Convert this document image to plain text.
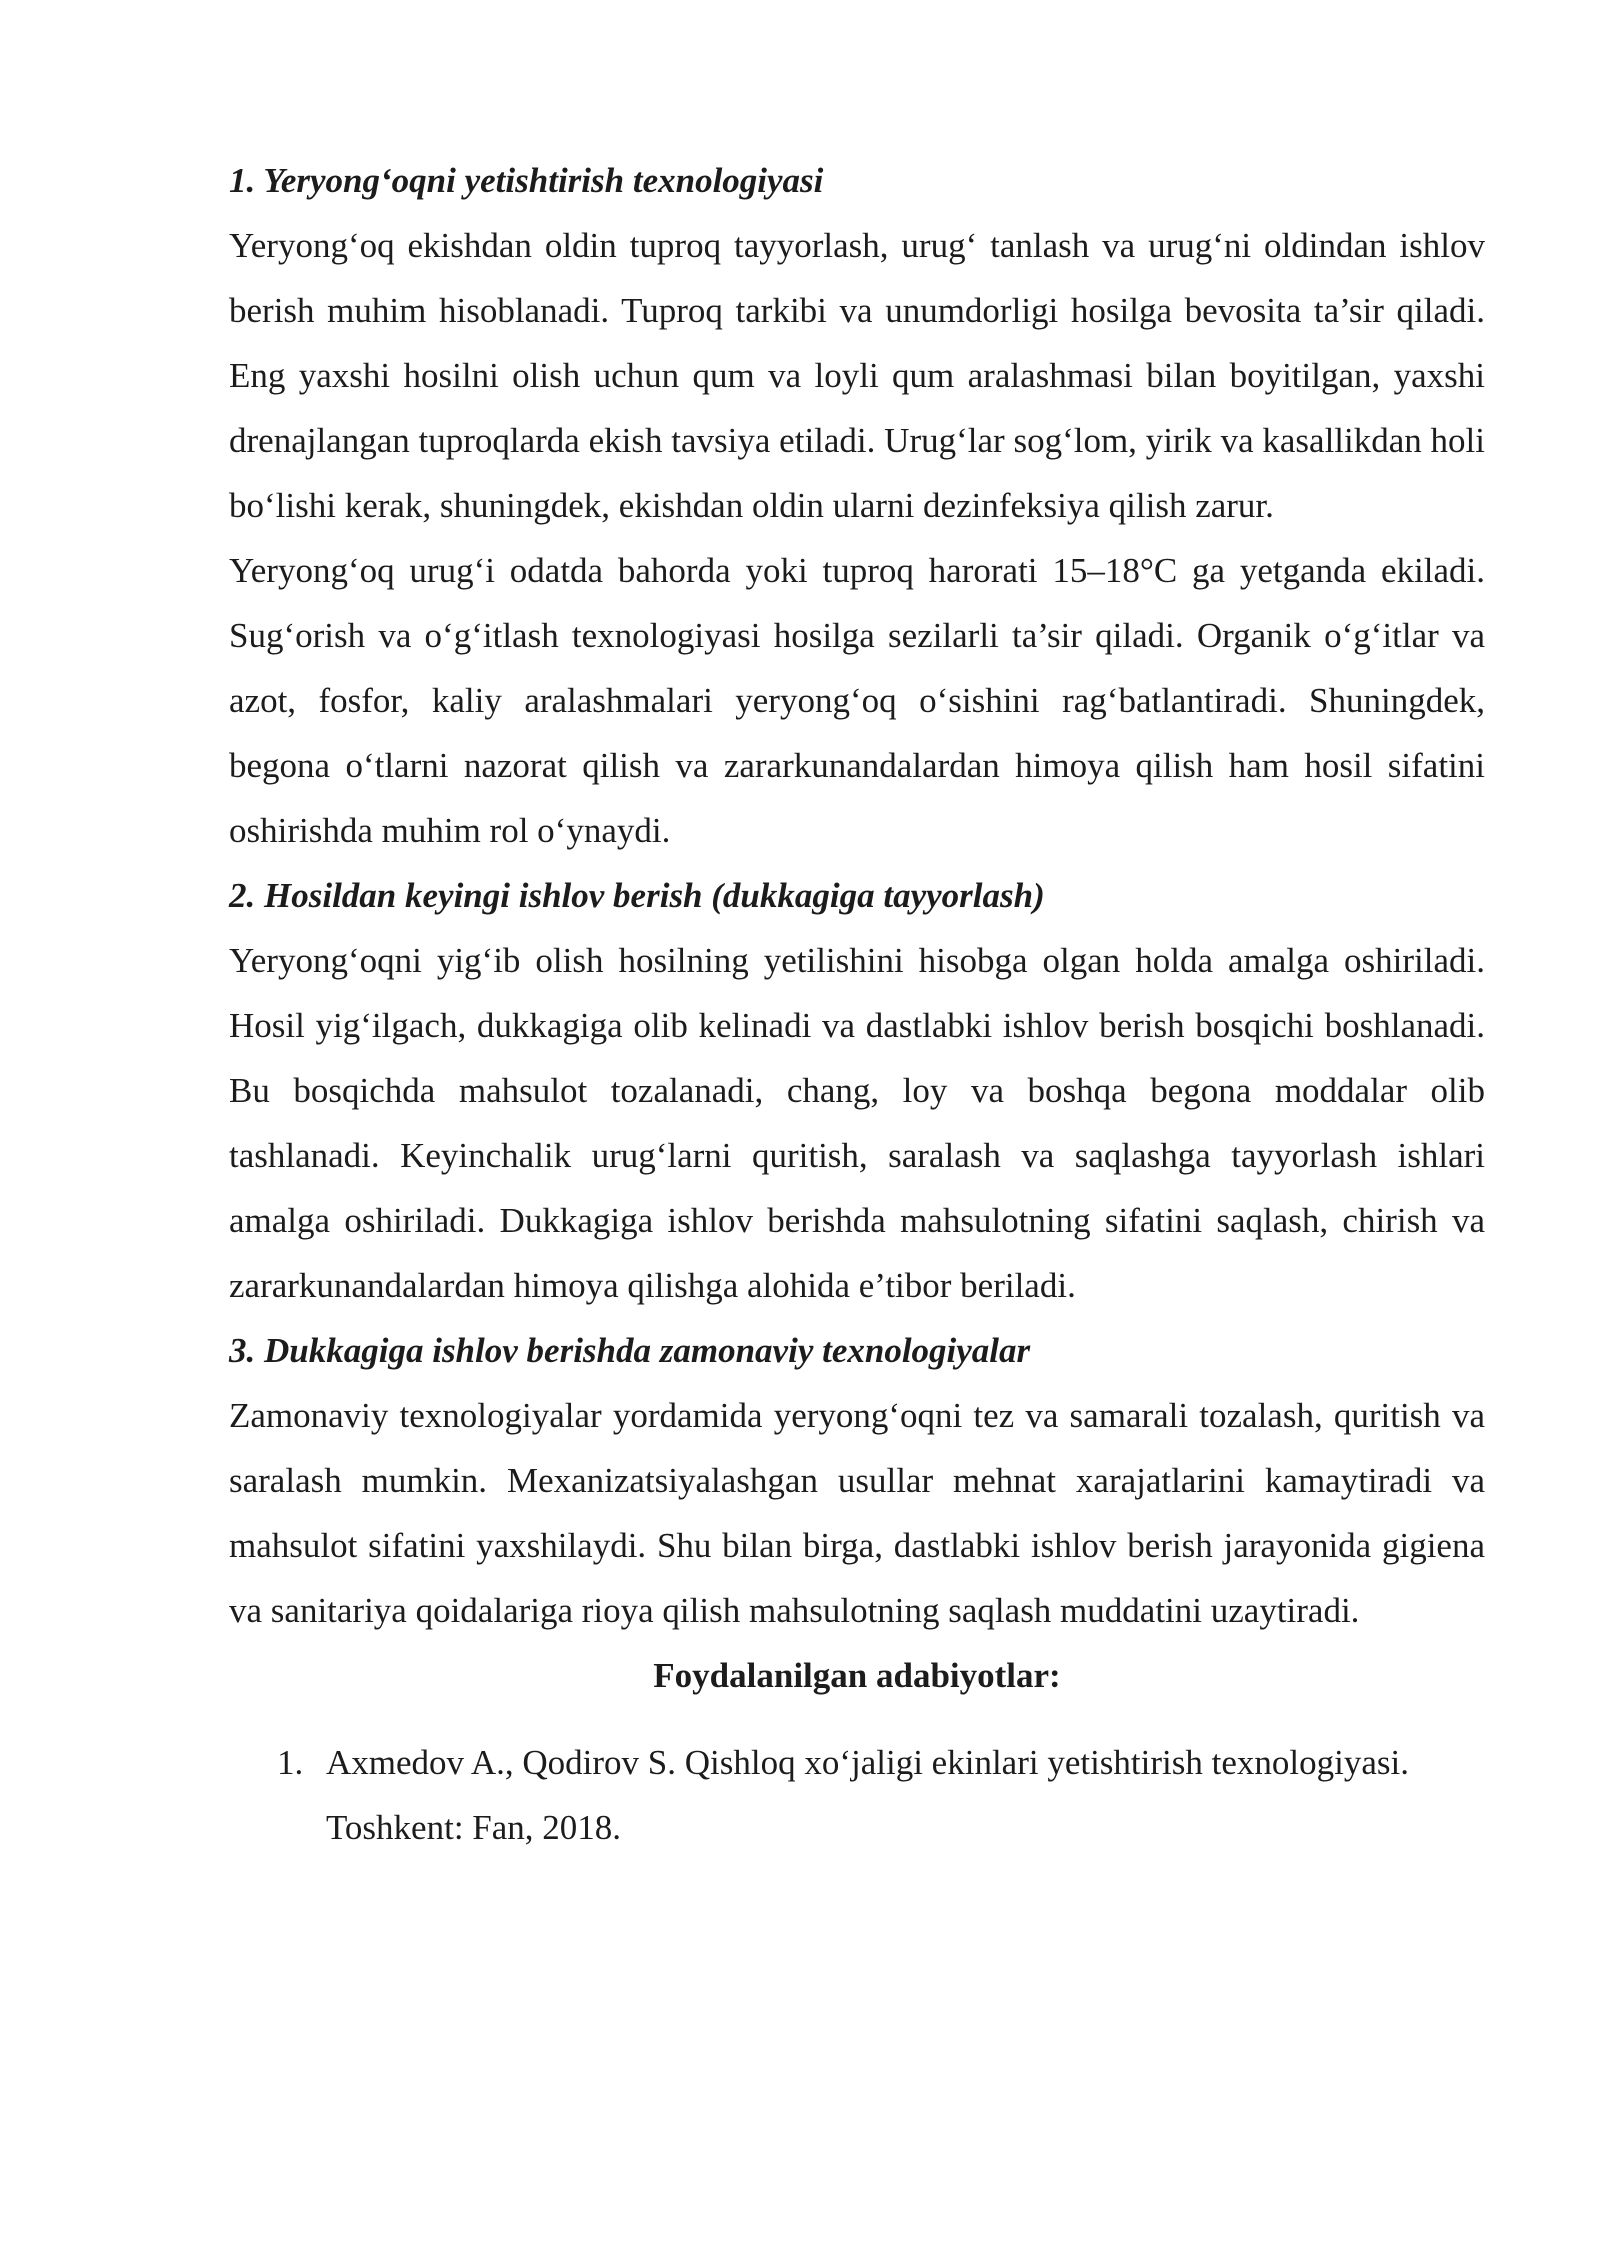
1. Yeryong‘oqni yetishtirish texnologiyasi

Yeryong‘oq ekishdan oldin tuproq tayyorlash, urug‘ tanlash va urug‘ni oldindan ishlov berish muhim hisoblanadi. Tuproq tarkibi va unumdorligi hosilga bevosita ta’sir qiladi. Eng yaxshi hosilni olish uchun qum va loyli qum aralashmasi bilan boyitilgan, yaxshi drenajlangan tuproqlarda ekish tavsiya etiladi. Urug‘lar sog‘lom, yirik va kasallikdan holi bo‘lishi kerak, shuningdek, ekishdan oldin ularni dezinfeksiya qilish zarur.

Yeryong‘oq urug‘i odatda bahorda yoki tuproq harorati 15–18°C ga yetganda ekiladi. Sug‘orish va o‘g‘itlash texnologiyasi hosilga sezilarli ta’sir qiladi. Organik o‘g‘itlar va azot, fosfor, kaliy aralashmalari yeryong‘oq o‘sishini rag‘batlantiradi. Shuningdek, begona o‘tlarni nazorat qilish va zararkunandalardan himoya qilish ham hosil sifatini oshirishda muhim rol o‘ynaydi.

2. Hosildan keyingi ishlov berish (dukkagiga tayyorlash)

Yeryong‘oqni yig‘ib olish hosilning yetilishini hisobga olgan holda amalga oshiriladi. Hosil yig‘ilgach, dukkagiga olib kelinadi va dastlabki ishlov berish bosqichi boshlanadi. Bu bosqichda mahsulot tozalanadi, chang, loy va boshqa begona moddalar olib tashlanadi. Keyinchalik urug‘larni quritish, saralash va saqlashga tayyorlash ishlari amalga oshiriladi. Dukkagiga ishlov berishda mahsulotning sifatini saqlash, chirish va zararkunandalardan himoya qilishga alohida e’tibor beriladi.

3. Dukkagiga ishlov berishda zamonaviy texnologiyalar

Zamonaviy texnologiyalar yordamida yeryong‘oqni tez va samarali tozalash, quritish va saralash mumkin. Mexanizatsiyalashgan usullar mehnat xarajatlarini kamaytiradi va mahsulot sifatini yaxshilaydi. Shu bilan birga, dastlabki ishlov berish jarayonida gigiena va sanitariya qoidalariga rioya qilish mahsulotning saqlash muddatini uzaytiradi.

Foydalanilgan adabiyotlar:
1. Axmedov A., Qodirov S. Qishloq xo‘jaligi ekinlari yetishtirish texnologiyasi. Toshkent: Fan, 2018.
